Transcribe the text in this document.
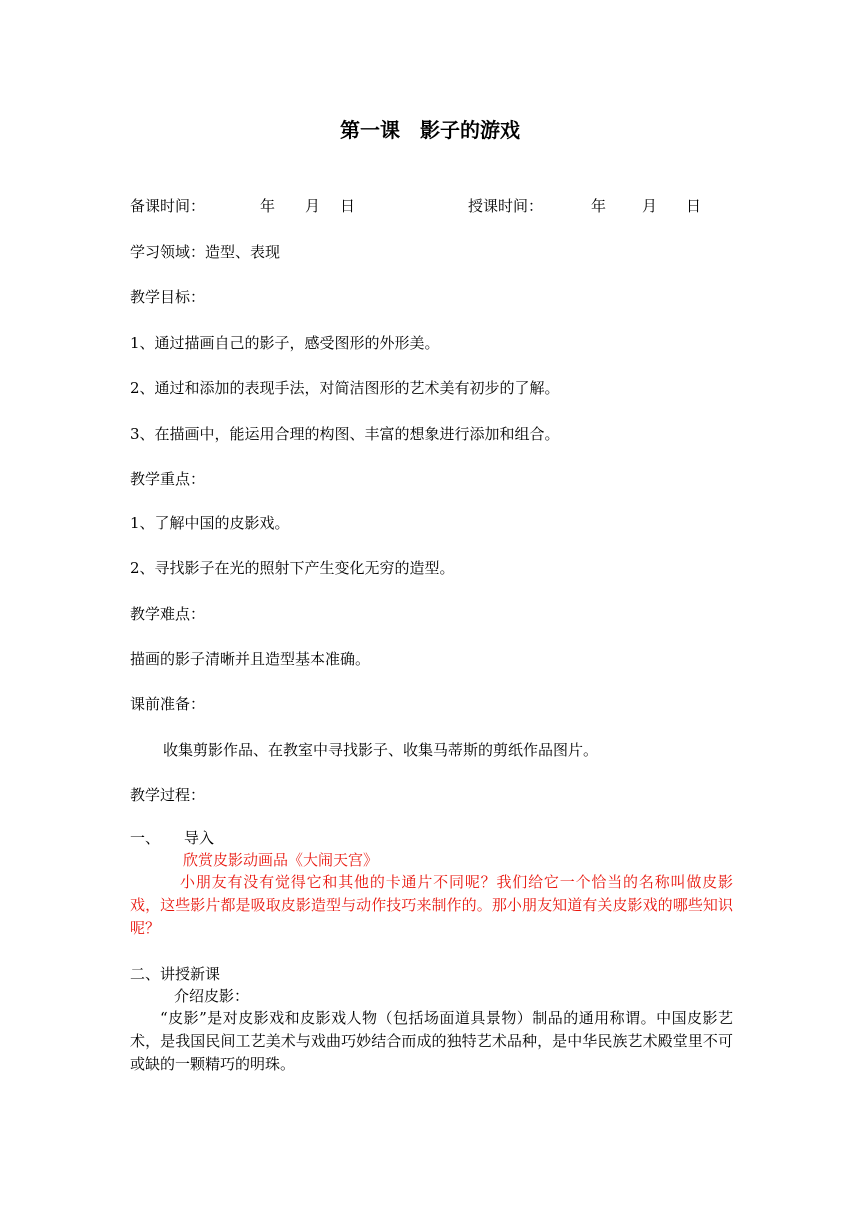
第一课　影子的游戏
备课时间：	年 月 日	授课时间：	年 月 日
学习领域：造型、表现
教学目标：
1、通过描画自己的影子，感受图形的外形美。
2、通过和添加的表现手法，对简洁图形的艺术美有初步的了解。
3、在描画中，能运用合理的构图、丰富的想象进行添加和组合。
教学重点：
1、了解中国的皮影戏。
2、寻找影子在光的照射下产生变化无穷的造型。
教学难点：
描画的影子清晰并且造型基本准确。
课前准备：
收集剪影作品、在教室中寻找影子、收集马蒂斯的剪纸作品图片。
教学过程：
一、 导入
欣赏皮影动画品《大闹天宫》
小朋友有没有觉得它和其他的卡通片不同呢？我们给它一个恰当的名称叫做皮影戏，这些影片都是吸取皮影造型与动作技巧来制作的。那小朋友知道有关皮影戏的哪些知识呢？
二、讲授新课
介绍皮影：
“皮影”是对皮影戏和皮影戏人物（包括场面道具景物）制品的通用称谓。中国皮影艺术，是我国民间工艺美术与戏曲巧妙结合而成的独特艺术品种，是中华民族艺术殿堂里不可或缺的一颗精巧的明珠。
